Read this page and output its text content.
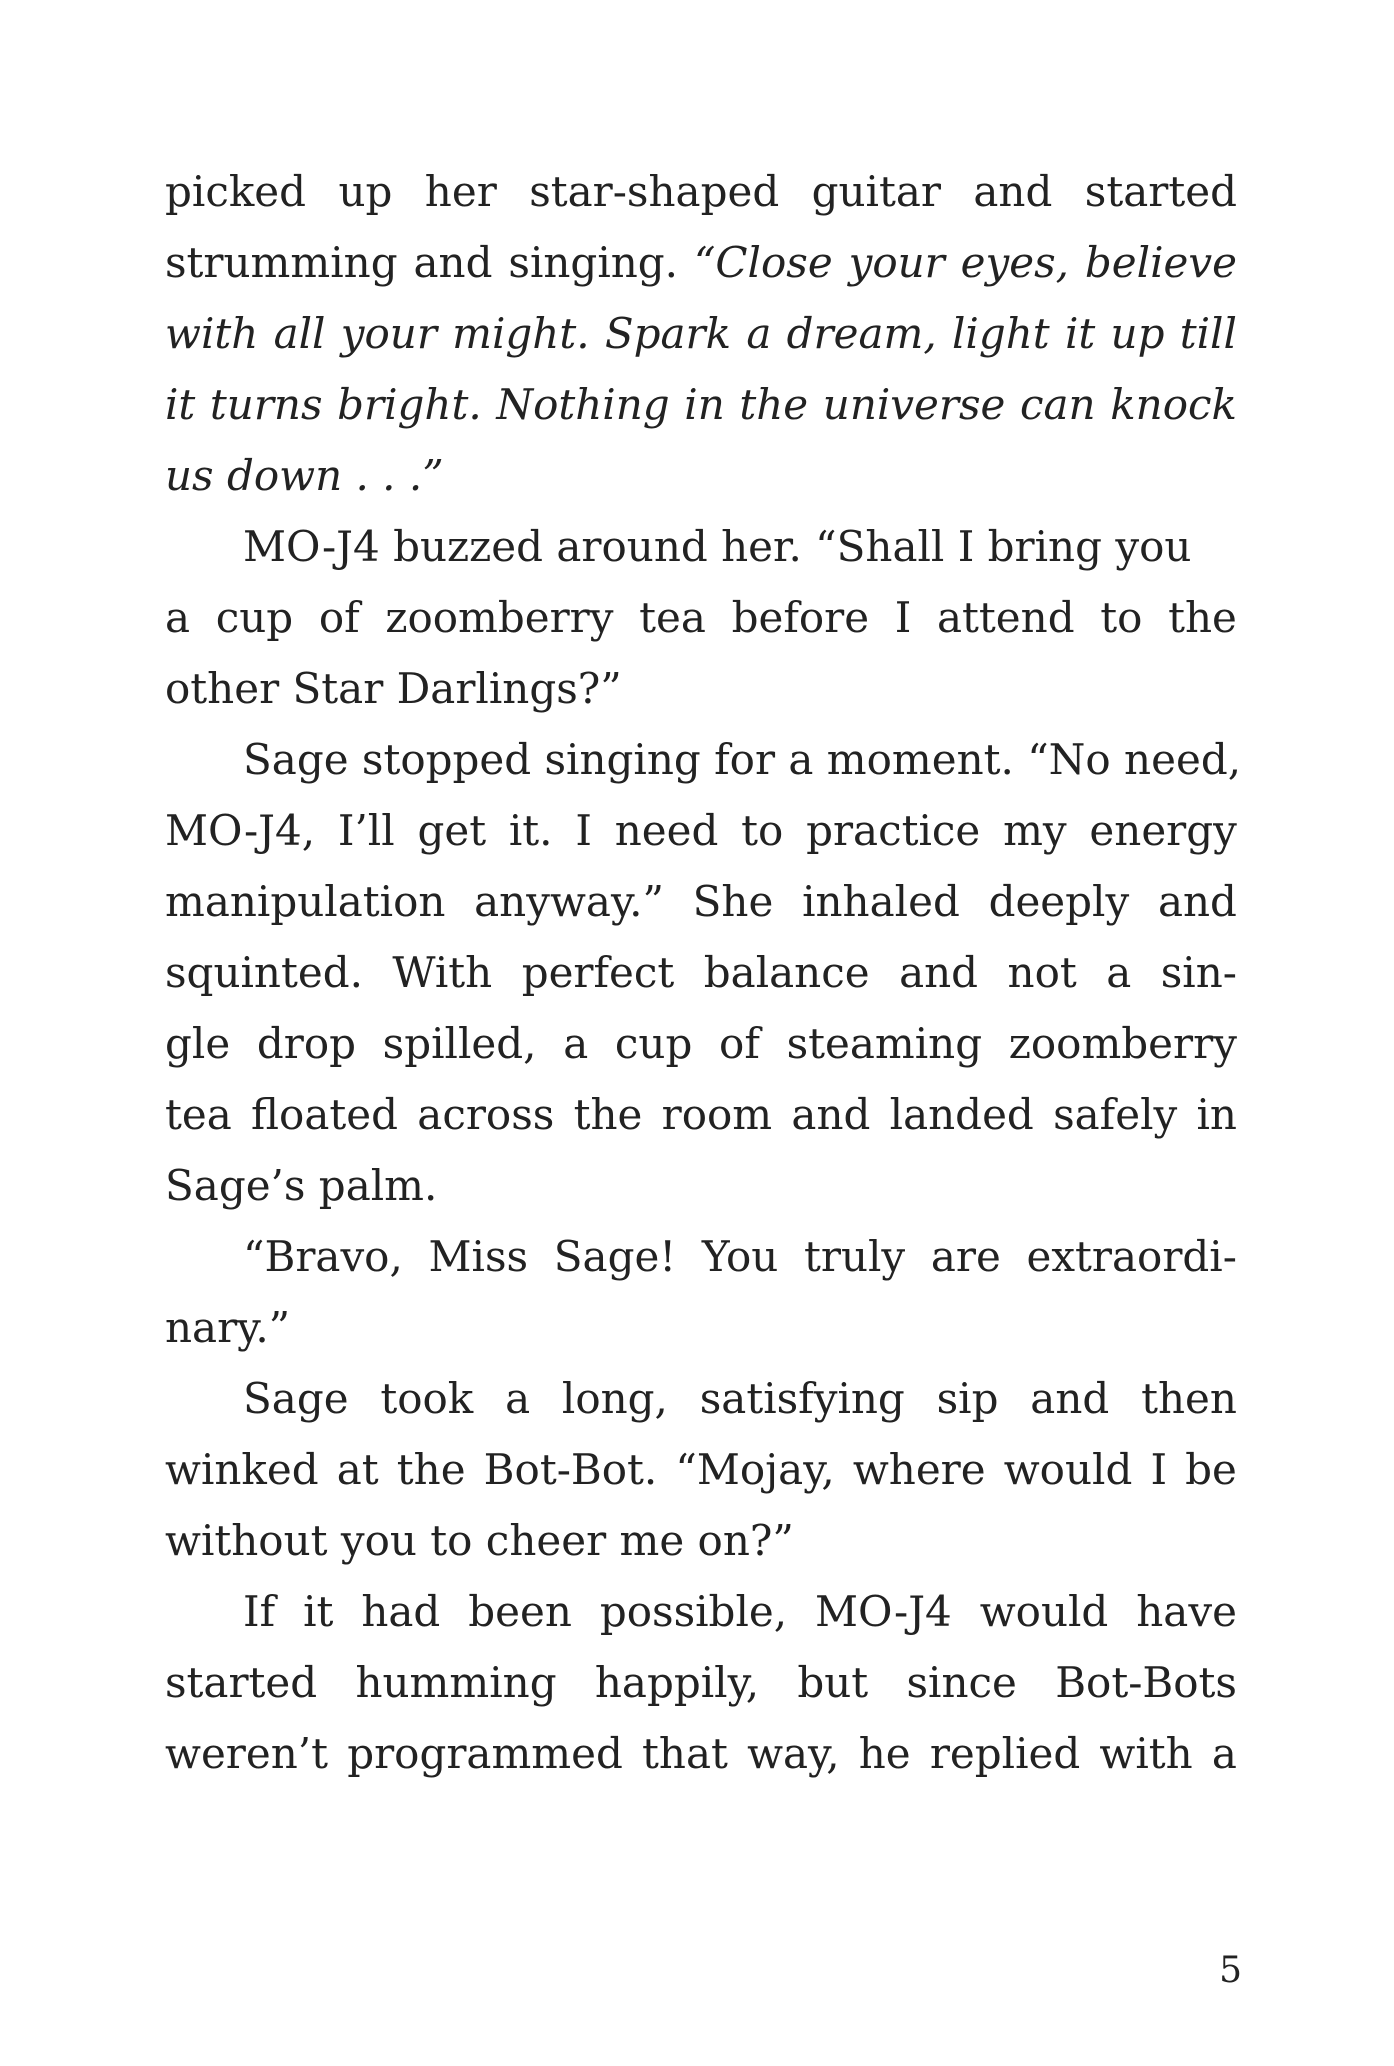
picked up her star-shaped guitar and started
strumming and singing. “Close your eyes, believe
with all your might. Spark a dream, light it up till
it turns bright. Nothing in the universe can knock
us down . . .”
MO-J4 buzzed around her. “Shall I bring you
a cup of zoomberry tea before I attend to the
other Star Darlings?”
Sage stopped singing for a moment. “No need,
MO-J4, I’ll get it. I need to practice my energy
manipulation anyway.” She inhaled deeply and
squinted. With perfect balance and not a sin-
gle drop spilled, a cup of steaming zoomberry
tea floated across the room and landed safely in
Sage’s palm.
“Bravo, Miss Sage! You truly are extraordi-
nary.”
Sage took a long, satisfying sip and then
winked at the Bot-Bot. “Mojay, where would I be
without you to cheer me on?”
If it had been possible, MO-J4 would have
started humming happily, but since Bot-Bots
weren’t programmed that way, he replied with a
5
